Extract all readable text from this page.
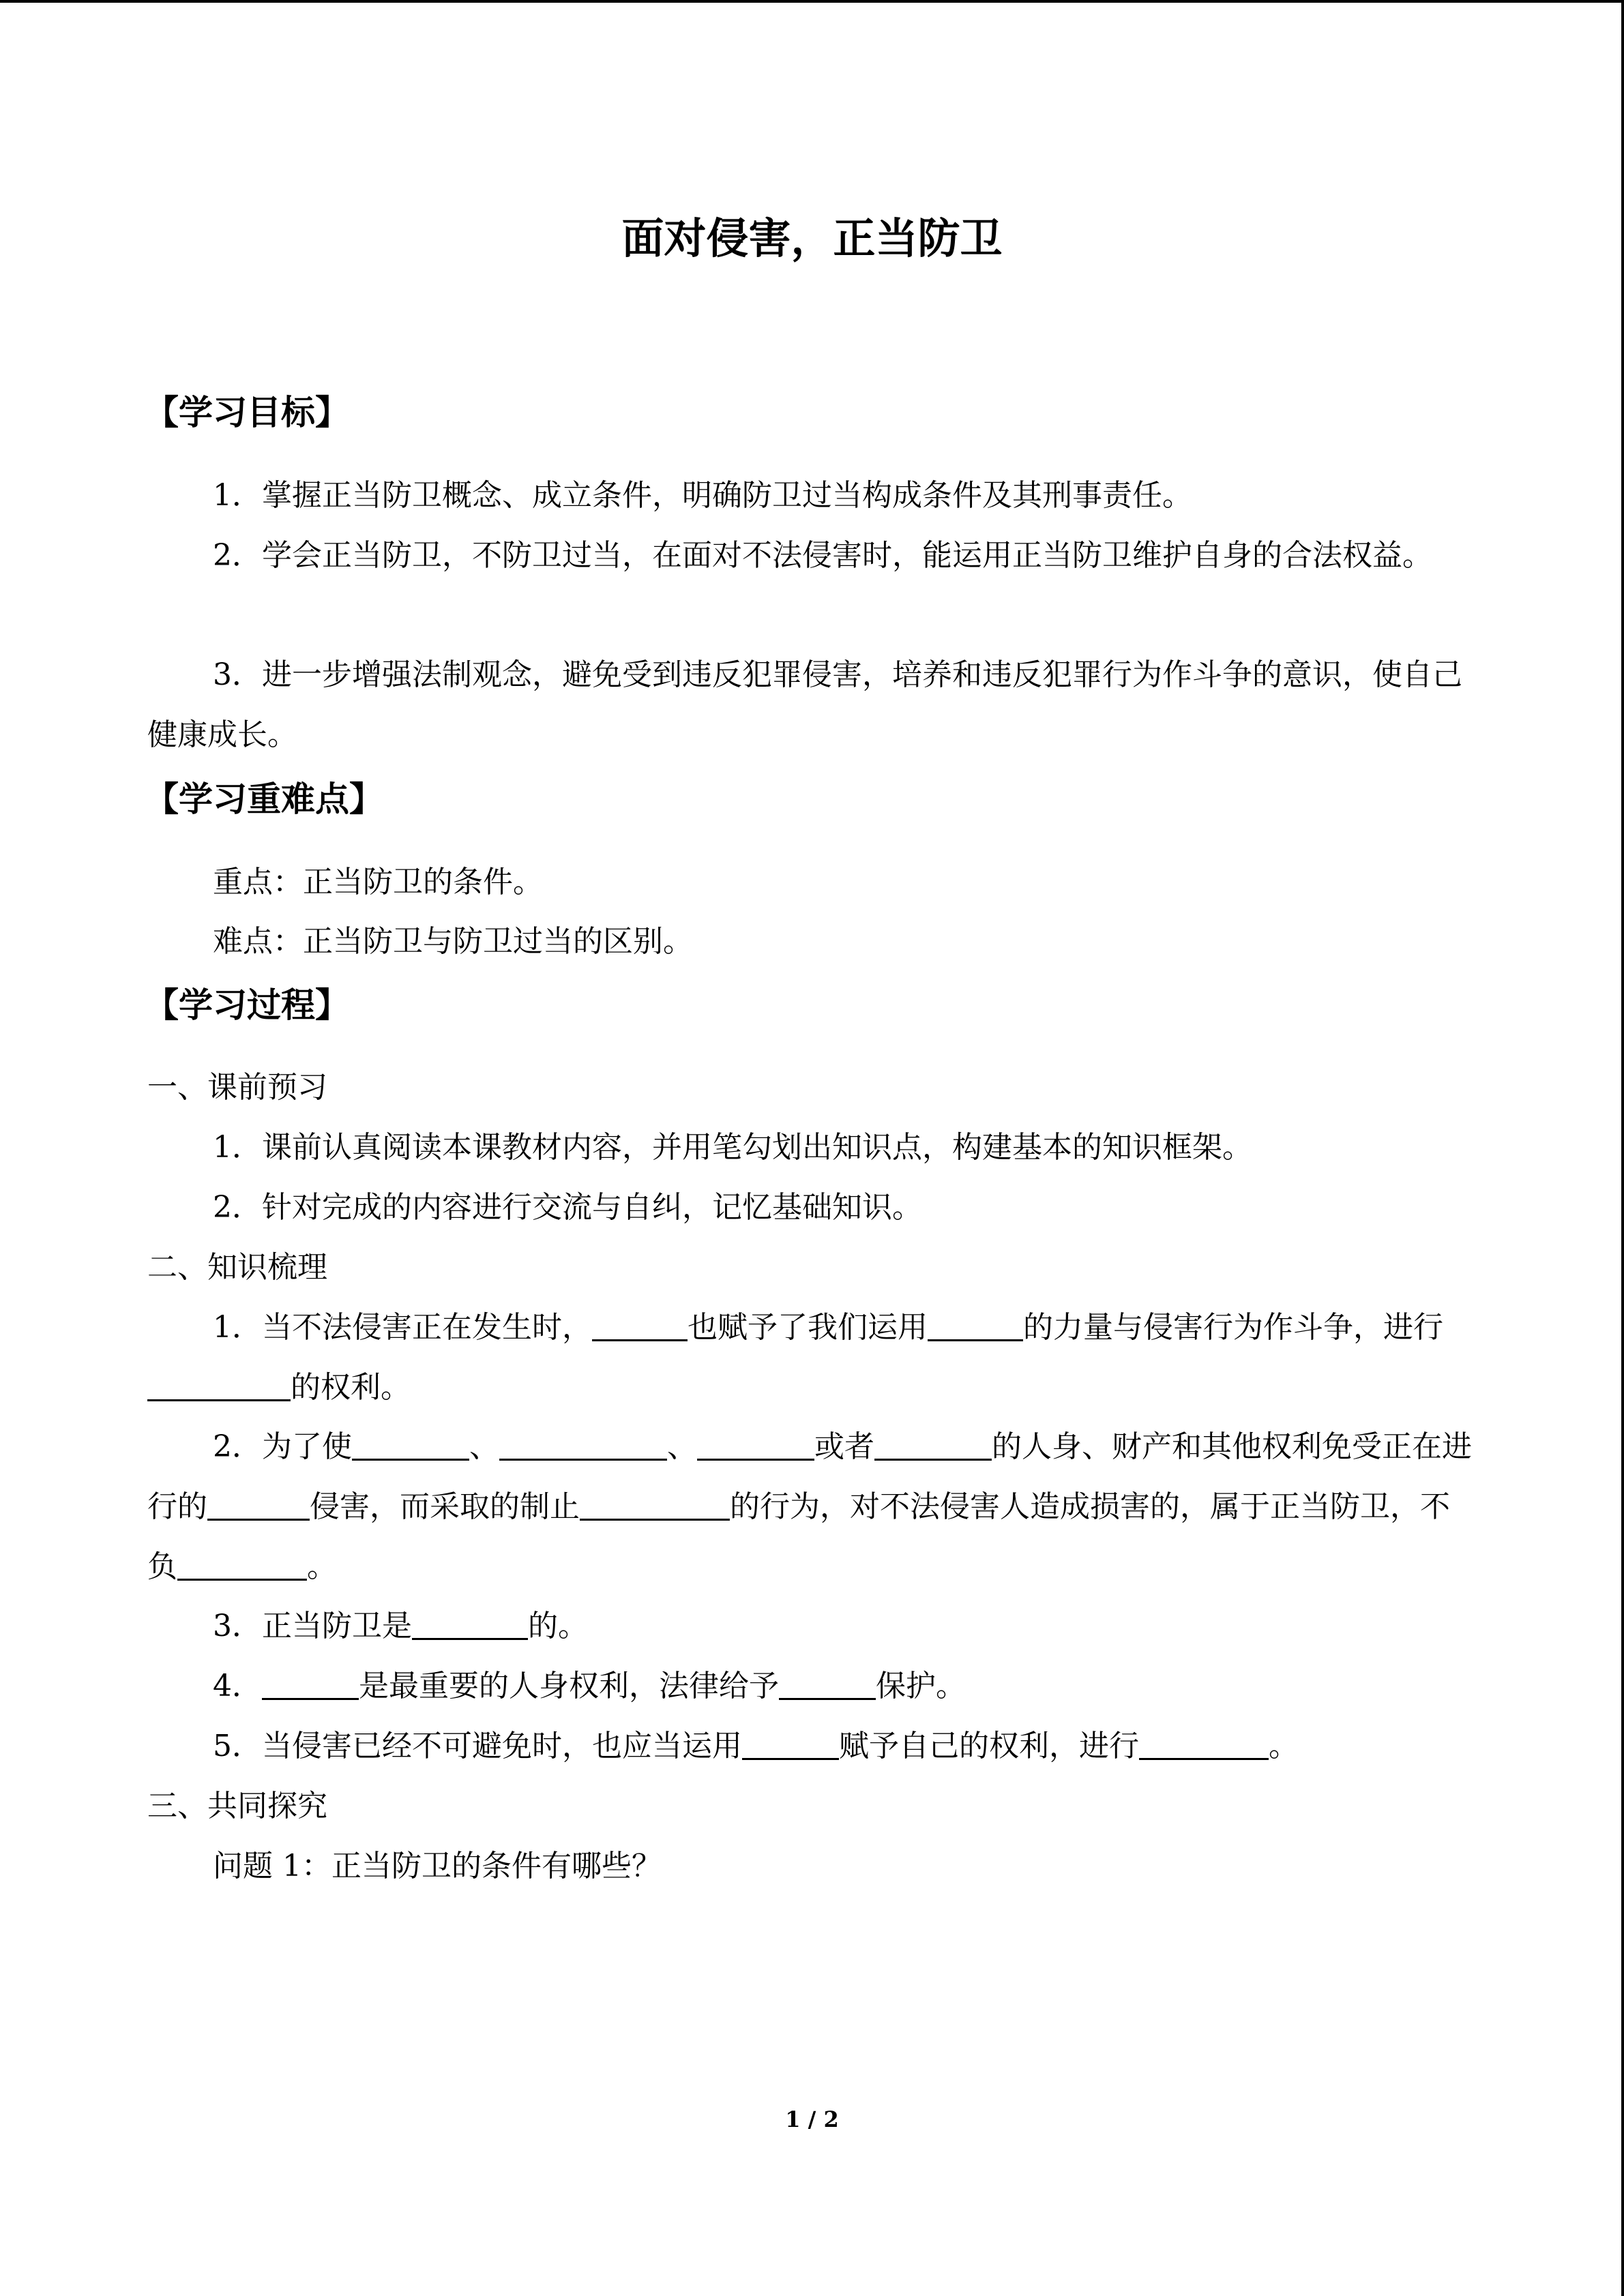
面对侵害，正当防卫
【学习目标】
1．掌握正当防卫概念、成立条件，明确防卫过当构成条件及其刑事责任。
2．学会正当防卫，不防卫过当，在面对不法侵害时，能运用正当防卫维护自身的合法权益。
3．进一步增强法制观念，避免受到违反犯罪侵害，培养和违反犯罪行为作斗争的意识，使自己健康成长。
【学习重难点】
重点：正当防卫的条件。
难点：正当防卫与防卫过当的区别。
【学习过程】
一、课前预习
1．课前认真阅读本课教材内容，并用笔勾划出知识点，构建基本的知识框架。
2．针对完成的内容进行交流与自纠，记忆基础知识。
二、知识梳理
1．当不法侵害正在发生时，	也赋予了我们运用	的力量与侵害行为作斗争，进行的权利。
2．为了使	、	、	或者	的人身、财产和其他权利免受正在进行的	侵害，而采取的制止	的行为，对不法侵害人造成损害的，属于正当防卫，不负	。
3．正当防卫是	的。
4．	是最重要的人身权利，法律给予	保护。
5．当侵害已经不可避免时，也应当运用	赋予自己的权利，进行	。
三、共同探究
问题 1：正当防卫的条件有哪些？
1 / 2
